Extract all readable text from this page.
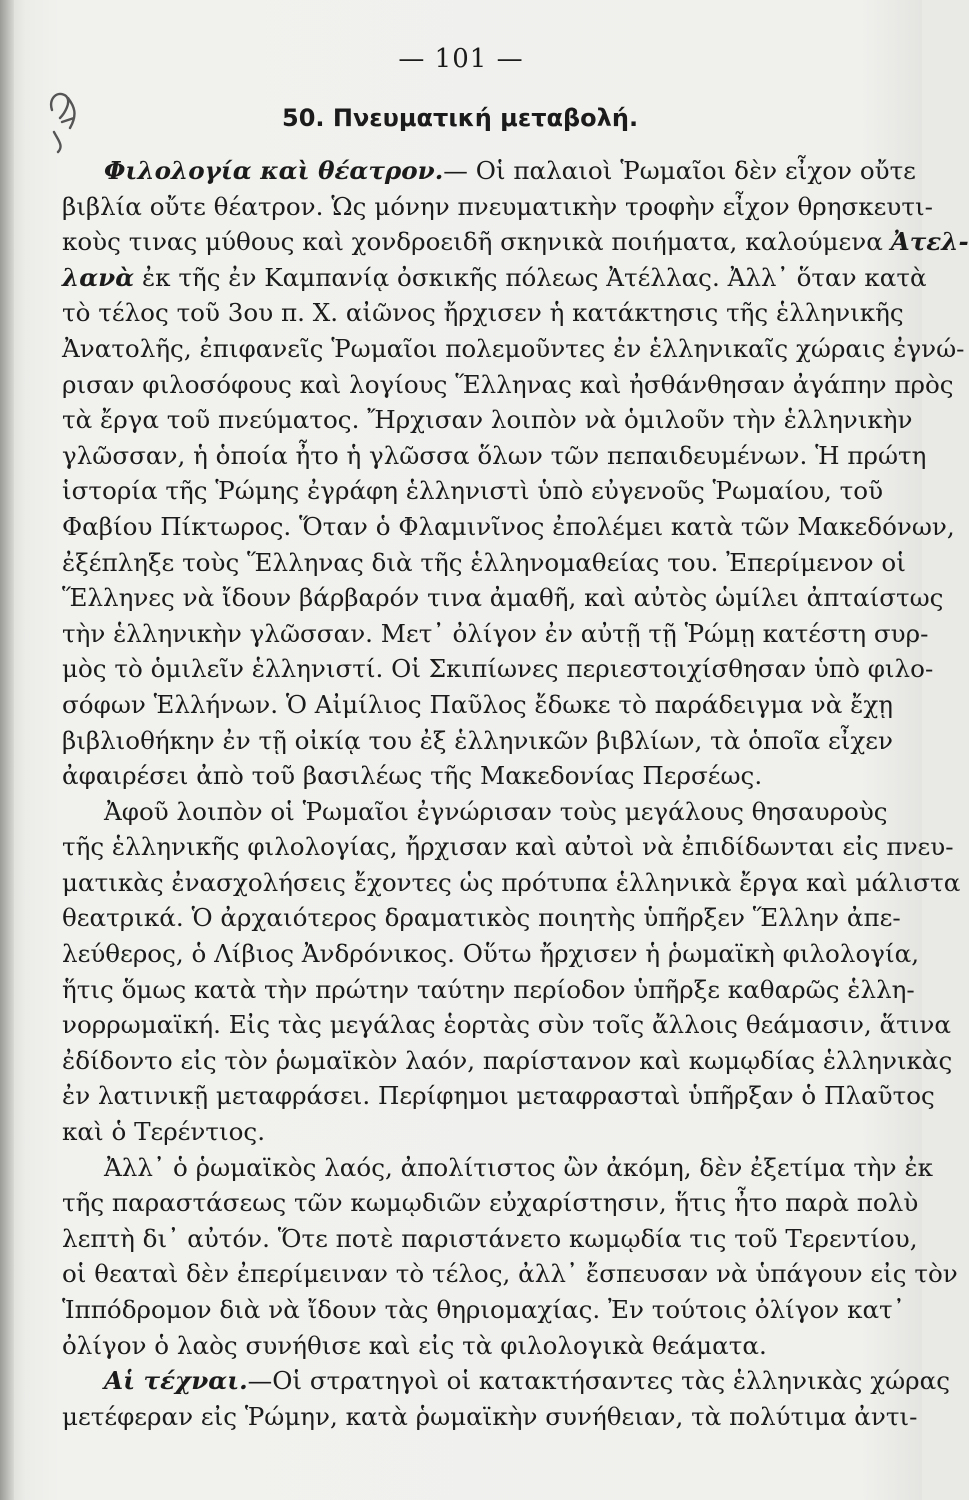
— 101 —
50. Πνευματική μεταβολή.
Φιλολογία καὶ θέατρον.— Οἱ παλαιοὶ Ῥωμαῖοι δὲν εἶχον οὔτε
βιβλία οὔτε θέατρον. Ὡς μόνην πνευματικὴν τροφὴν εἶχον θρησκευτι-
κοὺς τινας μύθους καὶ χονδροειδῆ σκηνικὰ ποιήματα, καλούμενα Ἀτελ-
λανὰ ἐκ τῆς ἐν Καμπανίᾳ ὀσκικῆς πόλεως Ἀτέλλας. Ἀλλ᾽ ὅταν κατὰ
τὸ τέλος τοῦ 3ου π. Χ. αἰῶνος ἤρχισεν ἡ κατάκτησις τῆς ἑλληνικῆς
Ἀνατολῆς, ἐπιφανεῖς Ῥωμαῖοι πολεμοῦντες ἐν ἑλληνικαῖς χώραις ἐγνώ-
ρισαν φιλοσόφους καὶ λογίους Ἕλληνας καὶ ἠσθάνθησαν ἀγάπην πρὸς
τὰ ἔργα τοῦ πνεύματος. Ἤρχισαν λοιπὸν νὰ ὁμιλοῦν τὴν ἑλληνικὴν
γλῶσσαν, ἡ ὁποία ἦτο ἡ γλῶσσα ὅλων τῶν πεπαιδευμένων. Ἡ πρώτη
ἱστορία τῆς Ῥώμης ἐγράφη ἑλληνιστὶ ὑπὸ εὐγενοῦς Ῥωμαίου, τοῦ
Φαβίου Πίκτωρος. Ὅταν ὁ Φλαμινῖνος ἐπολέμει κατὰ τῶν Μακεδόνων,
ἐξέπληξε τοὺς Ἕλληνας διὰ τῆς ἑλληνομαθείας του. Ἐπερίμενον οἱ
Ἕλληνες νὰ ἴδουν βάρβαρόν τινα ἀμαθῆ, καὶ αὐτὸς ὡμίλει ἀπταίστως
τὴν ἑλληνικὴν γλῶσσαν. Μετ᾽ ὀλίγον ἐν αὐτῇ τῇ Ῥώμῃ κατέστη συρ-
μὸς τὸ ὁμιλεῖν ἑλληνιστί. Οἱ Σκιπίωνες περιεστοιχίσθησαν ὑπὸ φιλο-
σόφων Ἑλλήνων. Ὁ Αἰμίλιος Παῦλος ἔδωκε τὸ παράδειγμα νὰ ἔχῃ
βιβλιοθήκην ἐν τῇ οἰκίᾳ του ἐξ ἑλληνικῶν βιβλίων, τὰ ὁποῖα εἶχεν
ἀφαιρέσει ἀπὸ τοῦ βασιλέως τῆς Μακεδονίας Περσέως.
Ἀφοῦ λοιπὸν οἱ Ῥωμαῖοι ἐγνώρισαν τοὺς μεγάλους θησαυροὺς
τῆς ἑλληνικῆς φιλολογίας, ἤρχισαν καὶ αὐτοὶ νὰ ἐπιδίδωνται εἰς πνευ-
ματικὰς ἐνασχολήσεις ἔχοντες ὡς πρότυπα ἑλληνικὰ ἔργα καὶ μάλιστα
θεατρικά. Ὁ ἀρχαιότερος δραματικὸς ποιητὴς ὑπῆρξεν Ἕλλην ἀπε-
λεύθερος, ὁ Λίβιος Ἀνδρόνικος. Οὕτω ἤρχισεν ἡ ῥωμαϊκὴ φιλολογία,
ἥτις ὅμως κατὰ τὴν πρώτην ταύτην περίοδον ὑπῆρξε καθαρῶς ἑλλη-
νορρωμαϊκή. Εἰς τὰς μεγάλας ἑορτὰς σὺν τοῖς ἄλλοις θεάμασιν, ἅτινα
ἐδίδοντο εἰς τὸν ῥωμαϊκὸν λαόν, παρίστανον καὶ κωμῳδίας ἑλληνικὰς
ἐν λατινικῇ μεταφράσει. Περίφημοι μεταφρασταὶ ὑπῆρξαν ὁ Πλαῦτος
καὶ ὁ Τερέντιος.
Ἀλλ᾽ ὁ ῥωμαϊκὸς λαός, ἀπολίτιστος ὢν ἀκόμη, δὲν ἐξετίμα τὴν ἐκ
τῆς παραστάσεως τῶν κωμῳδιῶν εὐχαρίστησιν, ἥτις ἦτο παρὰ πολὺ
λεπτὴ δι᾽ αὐτόν. Ὅτε ποτὲ παριστάνετο κωμῳδία τις τοῦ Τερεντίου,
οἱ θεαταὶ δὲν ἐπερίμειναν τὸ τέλος, ἀλλ᾽ ἔσπευσαν νὰ ὑπάγουν εἰς τὸν
Ἱππόδρομον διὰ νὰ ἴδουν τὰς θηριομαχίας. Ἐν τούτοις ὀλίγον κατ᾽
ὀλίγον ὁ λαὸς συνήθισε καὶ εἰς τὰ φιλολογικὰ θεάματα.
Αἱ τέχναι.—Οἱ στρατηγοὶ οἱ κατακτήσαντες τὰς ἑλληνικὰς χώρας
μετέφεραν εἰς Ῥώμην, κατὰ ῥωμαϊκὴν συνήθειαν, τὰ πολύτιμα ἀντι-
